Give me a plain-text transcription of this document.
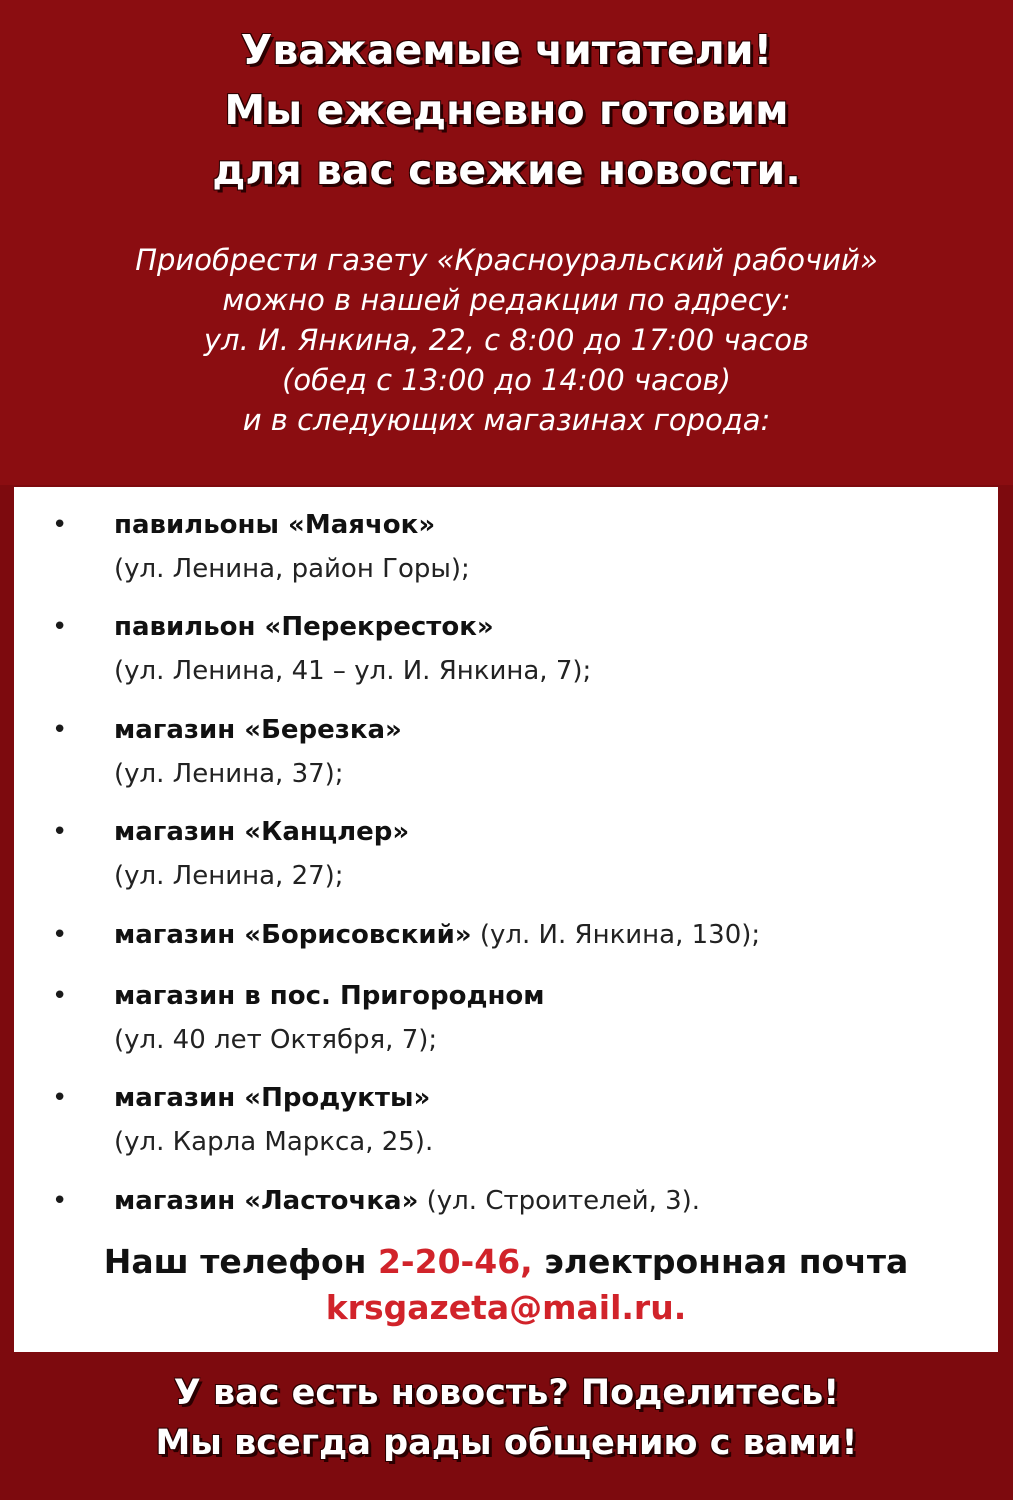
Уважаемые читатели!
Мы ежедневно готовим
для вас свежие новости.
Приобрести газету «Красноуральский рабочий»
можно в нашей редакции по адресу:
ул. И. Янкина, 22, с 8:00 до 17:00 часов
(обед с 13:00 до 14:00 часов)
и в следующих магазинах города:
• павильоны «Маячок»
(ул. Ленина, район Горы);
• павильон «Перекресток»
(ул. Ленина, 41 – ул. И. Янкина, 7);
• магазин «Березка»
(ул. Ленина, 37);
• магазин «Канцлер»
(ул. Ленина, 27);
• магазин «Борисовский» (ул. И. Янкина, 130);
• магазин в пос. Пригородном
(ул. 40 лет Октября, 7);
• магазин «Продукты»
(ул. Карла Маркса, 25).
• магазин «Ласточка» (ул. Строителей, 3).
Наш телефон 2-20-46, электронная почта
krsgazeta@mail.ru.
У вас есть новость? Поделитесь!
Мы всегда рады общению с вами!
